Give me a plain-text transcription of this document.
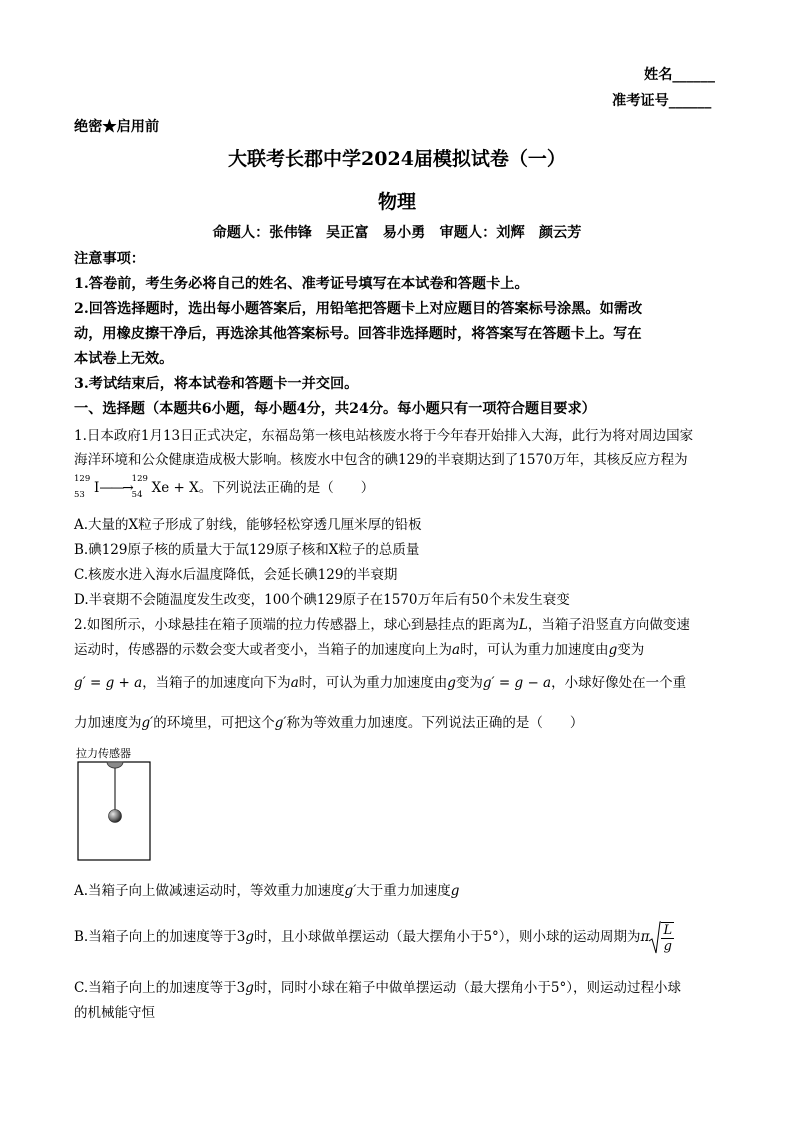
姓名______
准考证号______
绝密★启用前
大联考长郡中学2024届模拟试卷（一）
物理
命题人：张伟锋　吴正富　易小勇　审题人：刘辉　颜云芳
注意事项：
1.答卷前，考生务必将自己的姓名、准考证号填写在本试卷和答题卡上。
2.回答选择题时，选出每小题答案后，用铅笔把答题卡上对应题目的答案标号涂黑。如需改
动，用橡皮擦干净后，再选涂其他答案标号。回答非选择题时，将答案写在答题卡上。写在
本试卷上无效。
3.考试结束后，将本试卷和答题卡一并交回。
一、选择题（本题共6小题，每小题4分，共24分。每小题只有一项符合题目要求）
1.日本政府1月13日正式决定，东福岛第一核电站核废水将于今年春开始排入大海，此行为将对周边国家
海洋环境和公众健康造成极大影响。核废水中包含的碘129的半衰期达到了1570万年，其核反应方程为
129
53 I——→
129
54 Xe + X。下列说法正确的是（　　）
A.大量的X粒子形成了射线，能够轻松穿透几厘米厚的铅板
B.碘129原子核的质量大于氙129原子核和X粒子的总质量
C.核废水进入海水后温度降低，会延长碘129的半衰期
D.半衰期不会随温度发生改变，100个碘129原子在1570万年后有50个未发生衰变
2.如图所示，小球悬挂在箱子顶端的拉力传感器上，球心到悬挂点的距离为L，当箱子沿竖直方向做变速
运动时，传感器的示数会变大或者变小，当箱子的加速度向上为a时，可认为重力加速度由g变为
g′ = g + a，当箱子的加速度向下为a时，可认为重力加速度由g变为g′ = g − a，小球好像处在一个重
力加速度为g′的环境里，可把这个g′称为等效重力加速度。下列说法正确的是（　　）
拉力传感器
A.当箱子向上做减速运动时，等效重力加速度g′大于重力加速度g
B.当箱子向上的加速度等于3g时，且小球做单摆运动（最大摆角小于5°），则小球的运动周期为π $\frac{L}{g}$
C.当箱子向上的加速度等于3g时，同时小球在箱子中做单摆运动（最大摆角小于5°），则运动过程小球
的机械能守恒
